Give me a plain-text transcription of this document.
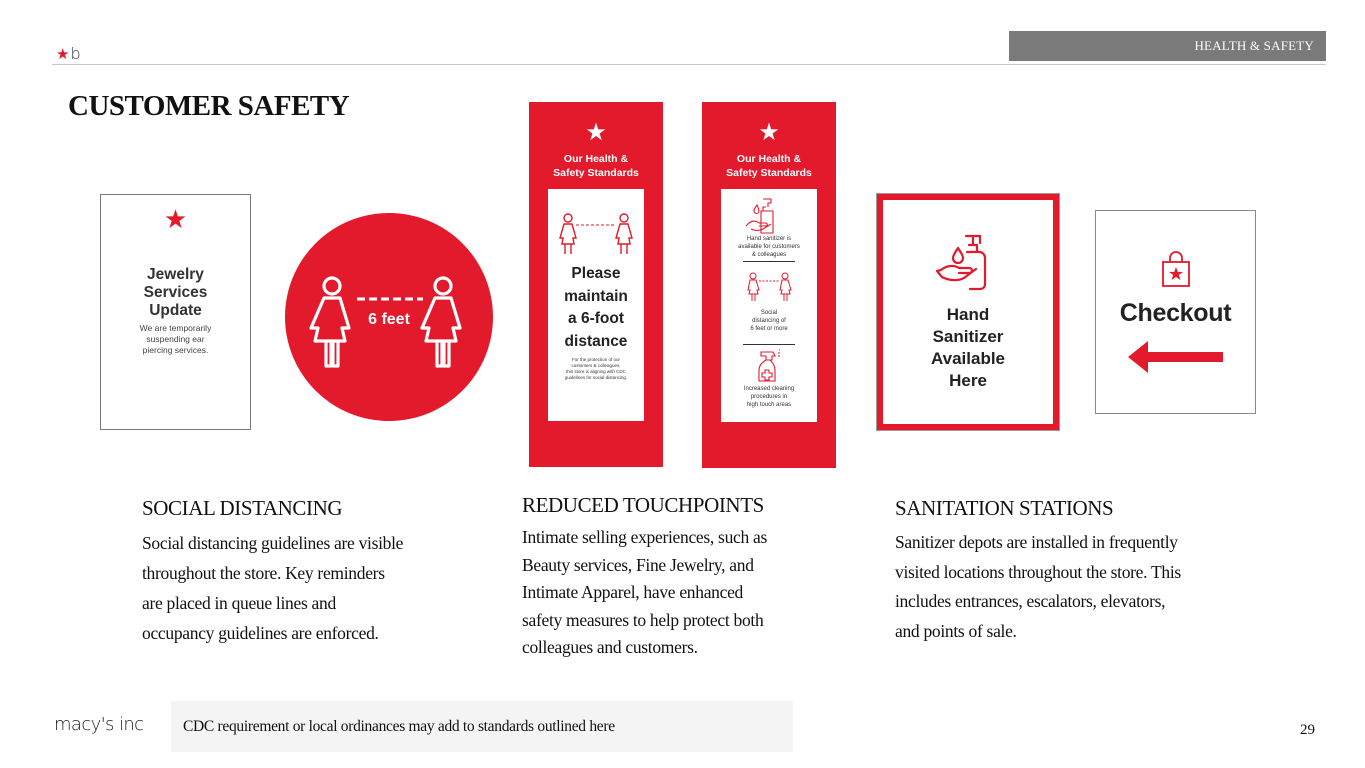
★ b	HEALTH & SAFETY
CUSTOMER SAFETY
★
Jewelry
Services
Update
We are temporarily
suspending ear
piercing services.
6 feet
★
Our Health &
Safety Standards
Please
maintain
a 6-foot
distance
For the protection of our
customers & colleagues,
this store is aligning with CDC
guidelines for social distancing.
★
Our Health &
Safety Standards
Hand sanitizer is
available for customers
& colleagues
Social
distancing of
6 feet or more
Increased cleaning
procedures in
high touch areas
Hand
Sanitizer
Available
Here
Checkout
SOCIAL DISTANCING

Social distancing guidelines are visible
throughout the store. Key reminders
are placed in queue lines and
occupancy guidelines are enforced.

REDUCED TOUCHPOINTS

Intimate selling experiences, such as
Beauty services, Fine Jewelry, and
Intimate Apparel, have enhanced
safety measures to help protect both
colleagues and customers.

SANITATION STATIONS

Sanitizer depots are installed in frequently
visited locations throughout the store. This
includes entrances, escalators, elevators,
and points of sale.

macy's inc	CDC requirement or local ordinances may add to standards outlined here	29
